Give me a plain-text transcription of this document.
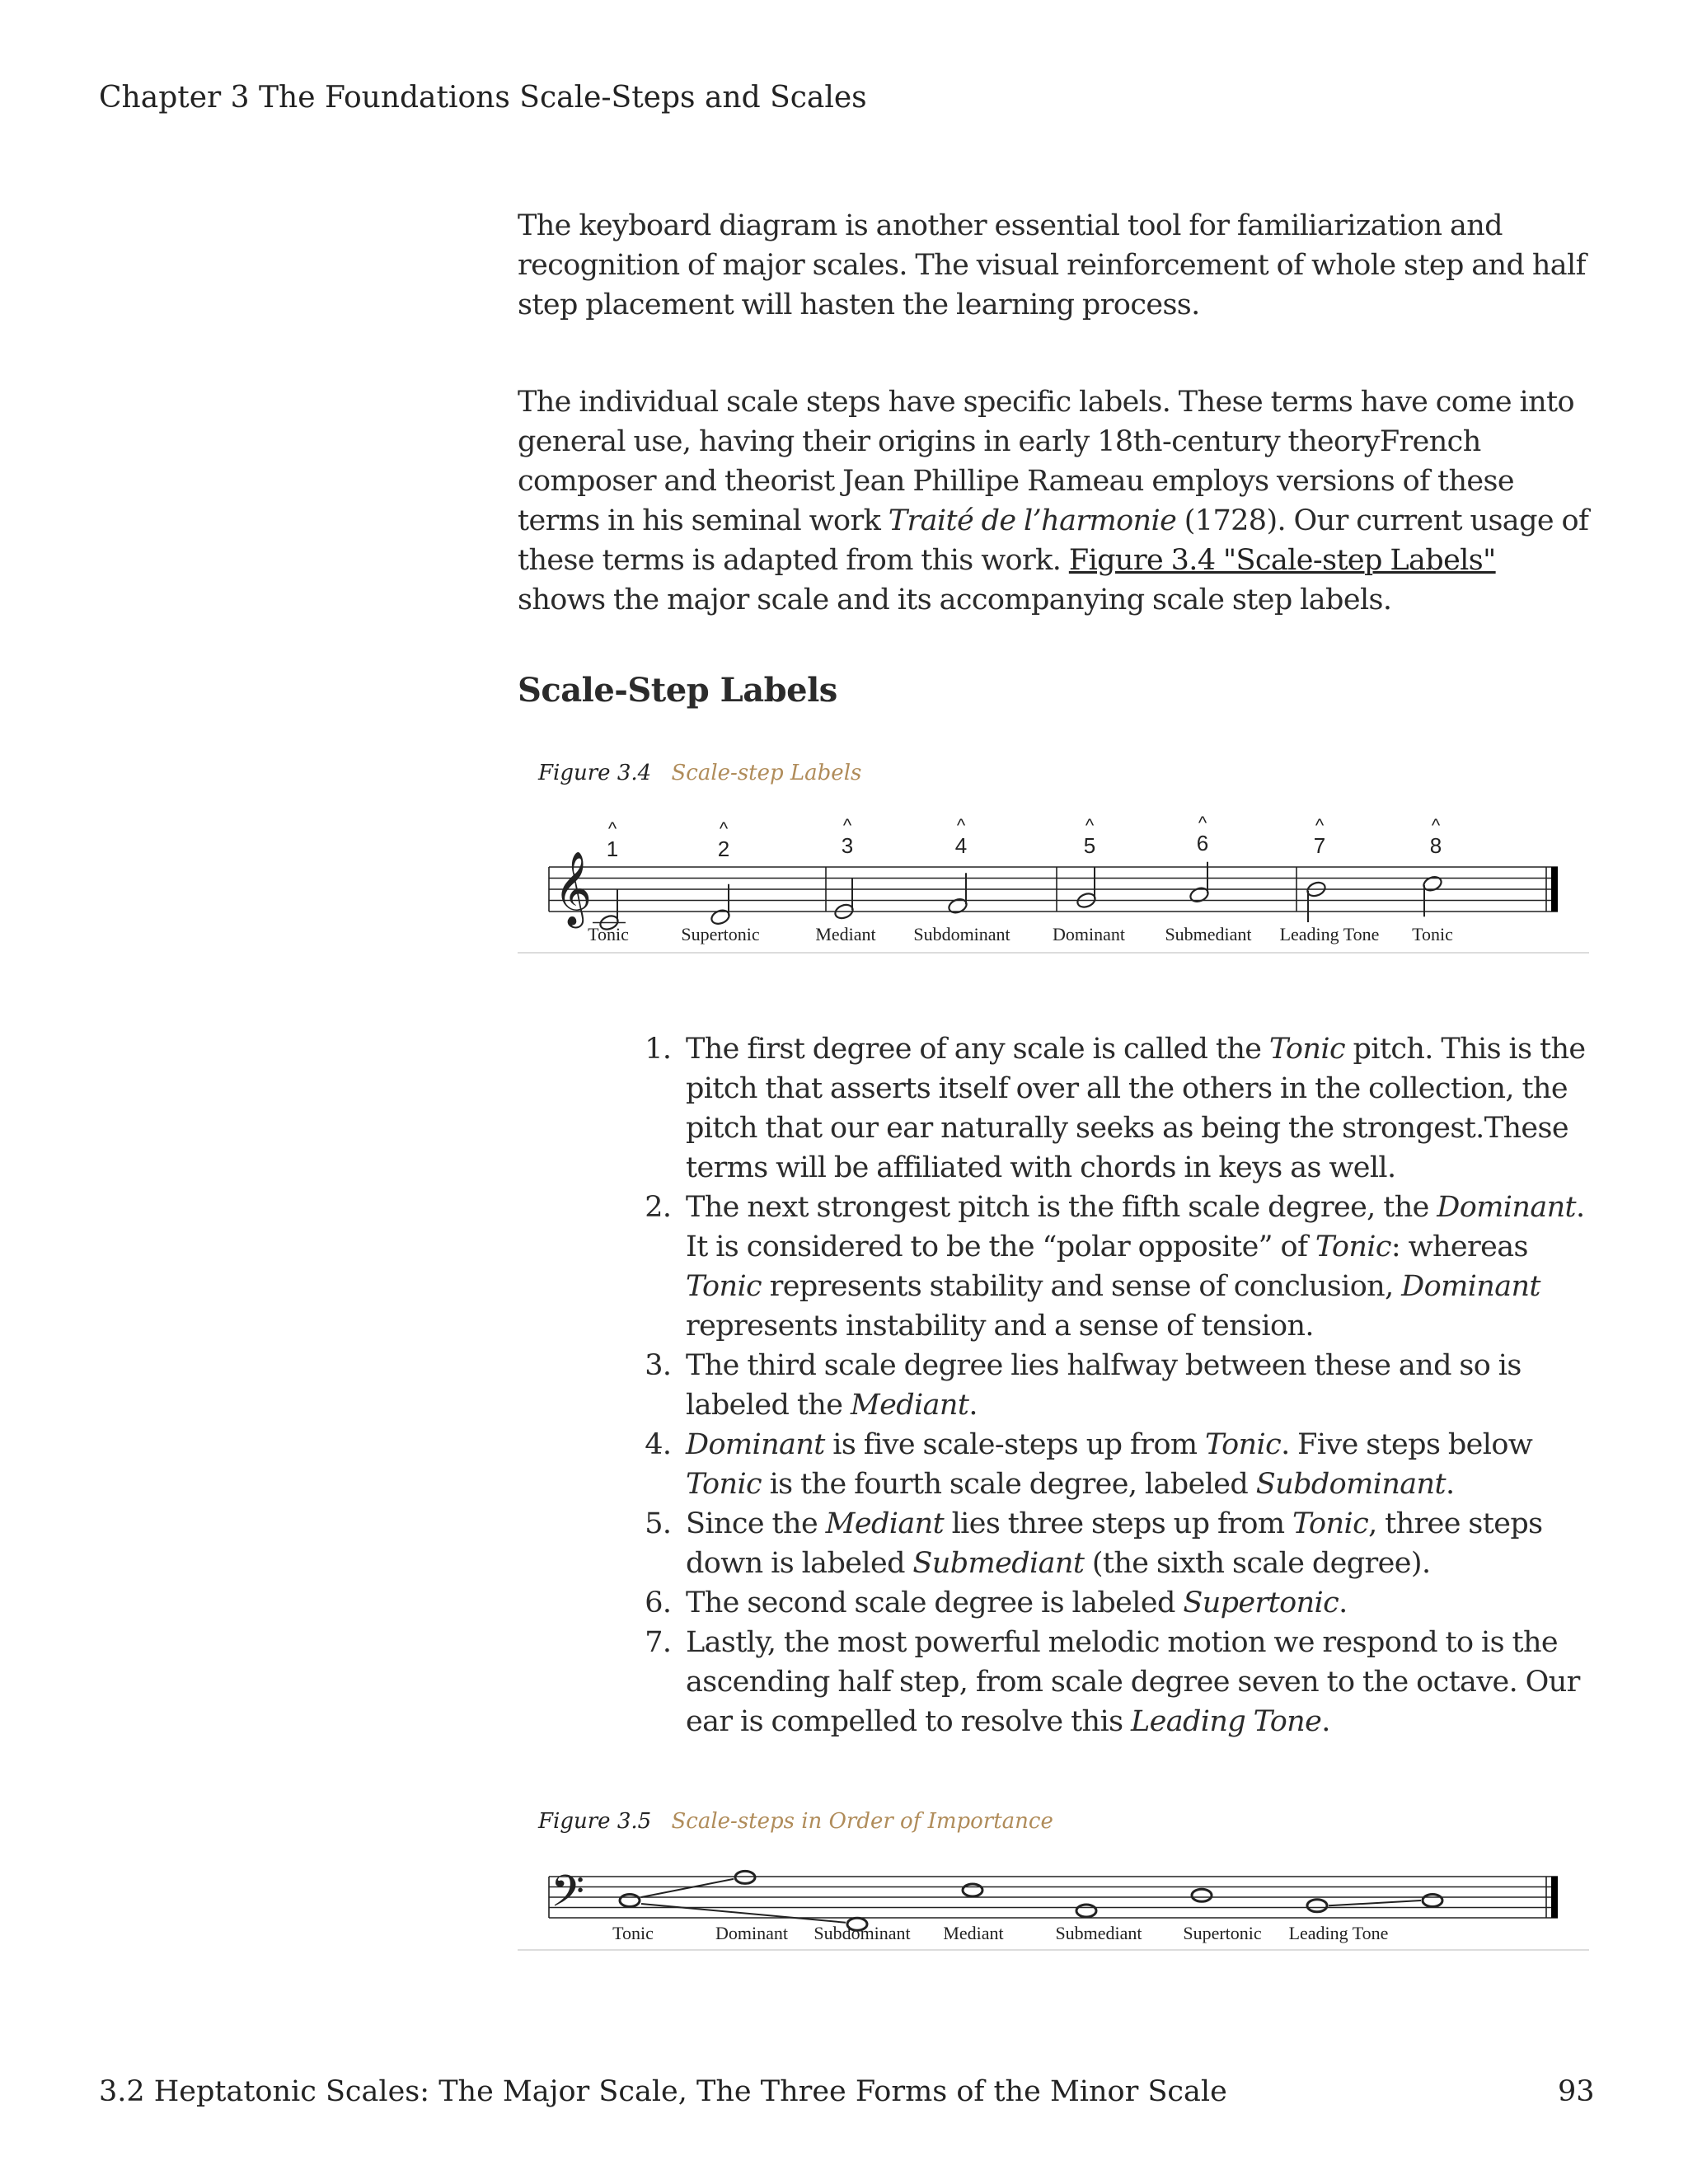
Chapter 3 The Foundations Scale-Steps and Scales

The keyboard diagram is another essential tool for familiarization and recognition of major scales. The visual reinforcement of whole step and half step placement will hasten the learning process.

The individual scale steps have specific labels. These terms have come into general use, having their origins in early 18th-century theoryFrench composer and theorist Jean Phillipe Rameau employs versions of these terms in his seminal work Traité de l’harmonie (1728). Our current usage of these terms is adapted from this work. Figure 3.4 "Scale-step Labels" shows the major scale and its accompanying scale step labels.

Scale-Step Labels
Figure 3.4 Scale-step Labels
𝄞
^
1
Tonic
^
2
Supertonic
^
3
Mediant
^
4
Subdominant
^
5
Dominant
^
6
Submediant
^
7
Leading Tone
^
8
Tonic
1. The first degree of any scale is called the Tonic pitch. This is the pitch that asserts itself over all the others in the collection, the pitch that our ear naturally seeks as being the strongest.These terms will be affiliated with chords in keys as well.
2. The next strongest pitch is the fifth scale degree, the Dominant. It is considered to be the “polar opposite” of Tonic: whereas Tonic represents stability and sense of conclusion, Dominant represents instability and a sense of tension.
3. The third scale degree lies halfway between these and so is labeled the Mediant.
4. Dominant is five scale-steps up from Tonic. Five steps below Tonic is the fourth scale degree, labeled Subdominant.
5. Since the Mediant lies three steps up from Tonic, three steps down is labeled Submediant (the sixth scale degree).
6. The second scale degree is labeled Supertonic.
7. Lastly, the most powerful melodic motion we respond to is the ascending half step, from scale degree seven to the octave. Our ear is compelled to resolve this Leading Tone.
Figure 3.5 Scale-steps in Order of Importance
𝄢
Tonic	Dominant Subdominant Mediant	Submediant Supertonic Leading Tone
3.2 Heptatonic Scales: The Major Scale, The Three Forms of the Minor Scale	93
